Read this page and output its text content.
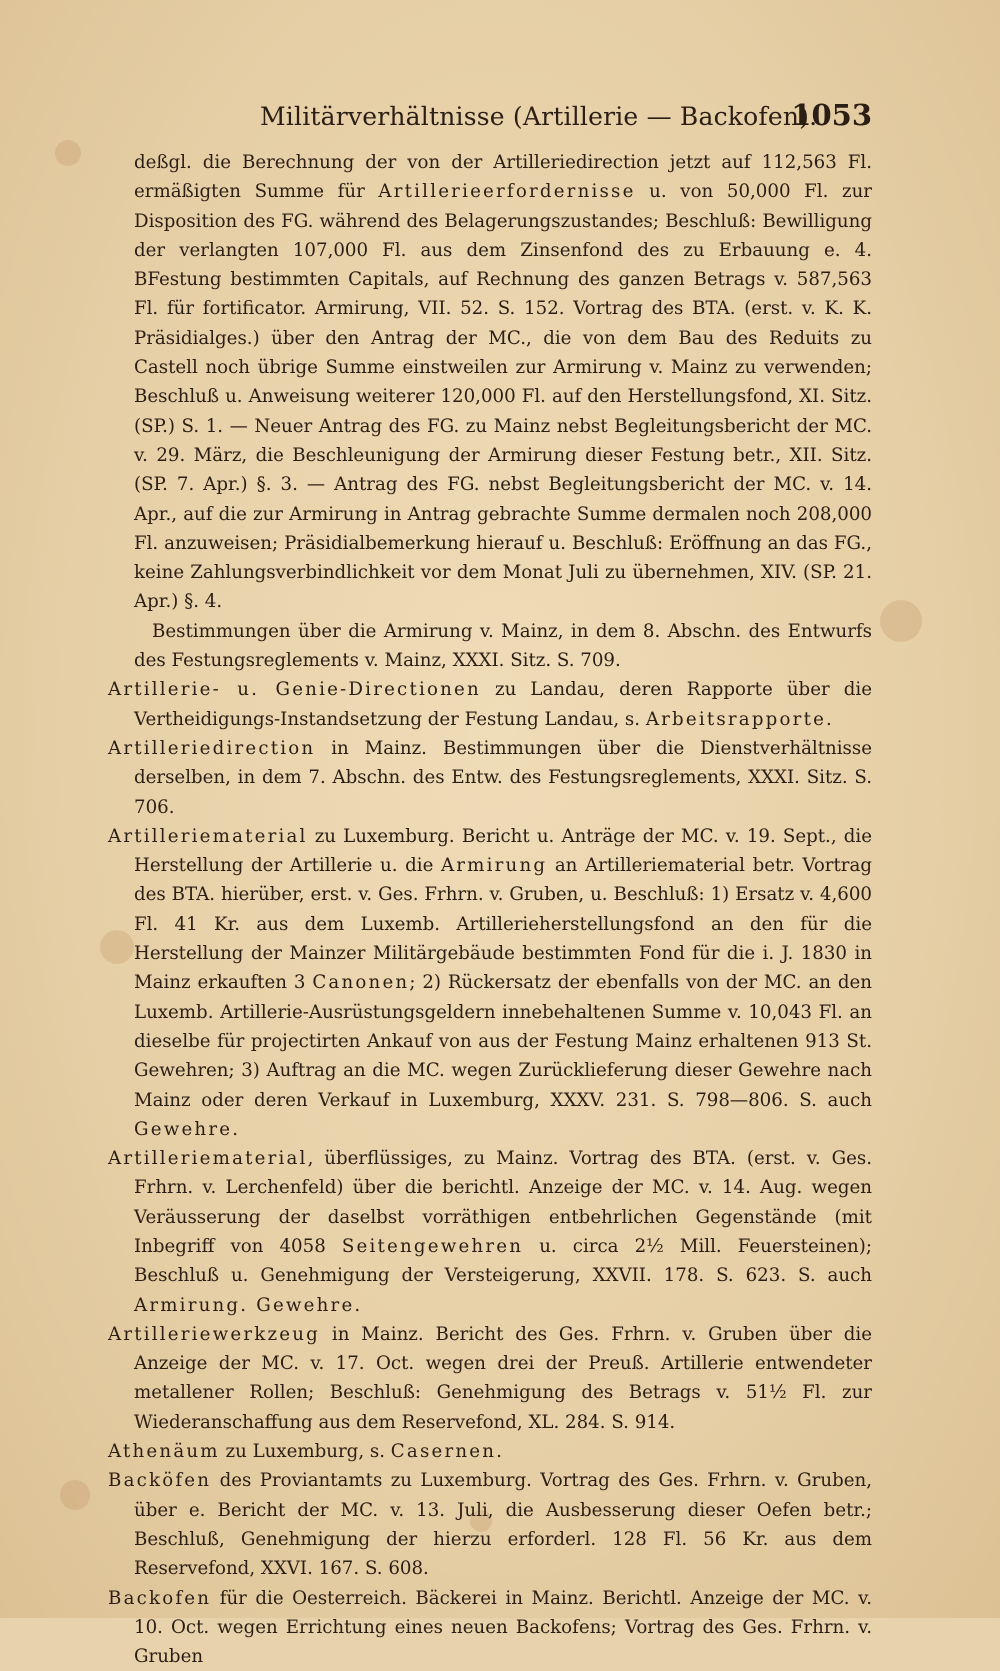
Militärverhältnisse (Artillerie — Backofen).
1053

deßgl. die Berechnung der von der Artilleriedirection jetzt auf 112,563 Fl. ermäßigten Summe für Artillerieerfordernisse u. von 50,000 Fl. zur Disposition des FG. während des Belagerungszustandes; Beschluß: Bewilligung der verlangten 107,000 Fl. aus dem Zinsenfond des zu Erbauung e. 4. BFestung bestimmten Capitals, auf Rechnung des ganzen Betrags v. 587,563 Fl. für fortificator. Armirung, VII. 52. S. 152. Vortrag des BTA. (erst. v. K. K. Präsidialges.) über den Antrag der MC., die von dem Bau des Reduits zu Castell noch übrige Summe einstweilen zur Armirung v. Mainz zu verwenden; Beschluß u. Anweisung weiterer 120,000 Fl. auf den Herstellungsfond, XI. Sitz. (SP.) S. 1. — Neuer Antrag des FG. zu Mainz nebst Begleitungsbericht der MC. v. 29. März, die Beschleunigung der Armirung dieser Festung betr., XII. Sitz. (SP. 7. Apr.) §. 3. — Antrag des FG. nebst Begleitungsbericht der MC. v. 14. Apr., auf die zur Armirung in Antrag gebrachte Summe dermalen noch 208,000 Fl. anzuweisen; Präsidialbemerkung hierauf u. Beschluß: Eröffnung an das FG., keine Zahlungsverbindlichkeit vor dem Monat Juli zu übernehmen, XIV. (SP. 21. Apr.) §. 4.

Bestimmungen über die Armirung v. Mainz, in dem 8. Abschn. des Entwurfs des Festungsreglements v. Mainz, XXXI. Sitz. S. 709.

Artillerie- u. Genie-Directionen zu Landau, deren Rapporte über die Vertheidigungs-Instandsetzung der Festung Landau, s. Arbeitsrapporte.

Artilleriedirection in Mainz. Bestimmungen über die Dienstverhältnisse derselben, in dem 7. Abschn. des Entw. des Festungsreglements, XXXI. Sitz. S. 706.

Artilleriematerial zu Luxemburg. Bericht u. Anträge der MC. v. 19. Sept., die Herstellung der Artillerie u. die Armirung an Artilleriematerial betr. Vortrag des BTA. hierüber, erst. v. Ges. Frhrn. v. Gruben, u. Beschluß: 1) Ersatz v. 4,600 Fl. 41 Kr. aus dem Luxemb. Artillerieherstellungsfond an den für die Herstellung der Mainzer Militärgebäude bestimmten Fond für die i. J. 1830 in Mainz erkauften 3 Canonen; 2) Rückersatz der ebenfalls von der MC. an den Luxemb. Artillerie-Ausrüstungsgeldern innebehaltenen Summe v. 10,043 Fl. an dieselbe für projectirten Ankauf von aus der Festung Mainz erhaltenen 913 St. Gewehren; 3) Auftrag an die MC. wegen Zurücklieferung dieser Gewehre nach Mainz oder deren Verkauf in Luxemburg, XXXV. 231. S. 798—806. S. auch Gewehre.

Artilleriematerial, überflüssiges, zu Mainz. Vortrag des BTA. (erst. v. Ges. Frhrn. v. Lerchenfeld) über die berichtl. Anzeige der MC. v. 14. Aug. wegen Veräusserung der daselbst vorräthigen entbehrlichen Gegenstände (mit Inbegriff von 4058 Seitengewehren u. circa 2½ Mill. Feuersteinen); Beschluß u. Genehmigung der Versteigerung, XXVII. 178. S. 623. S. auch Armirung. Gewehre.

Artilleriewerkzeug in Mainz. Bericht des Ges. Frhrn. v. Gruben über die Anzeige der MC. v. 17. Oct. wegen drei der Preuß. Artillerie entwendeter metallener Rollen; Beschluß: Genehmigung des Betrags v. 51½ Fl. zur Wiederanschaffung aus dem Reservefond, XL. 284. S. 914.

Athenäum zu Luxemburg, s. Casernen.

Backöfen des Proviantamts zu Luxemburg. Vortrag des Ges. Frhrn. v. Gruben, über e. Bericht der MC. v. 13. Juli, die Ausbesserung dieser Oefen betr.; Beschluß, Genehmigung der hierzu erforderl. 128 Fl. 56 Kr. aus dem Reservefond, XXVI. 167. S. 608.

Backofen für die Oesterreich. Bäckerei in Mainz. Berichtl. Anzeige der MC. v. 10. Oct. wegen Errichtung eines neuen Backofens; Vortrag des Ges. Frhrn. v. Gruben
